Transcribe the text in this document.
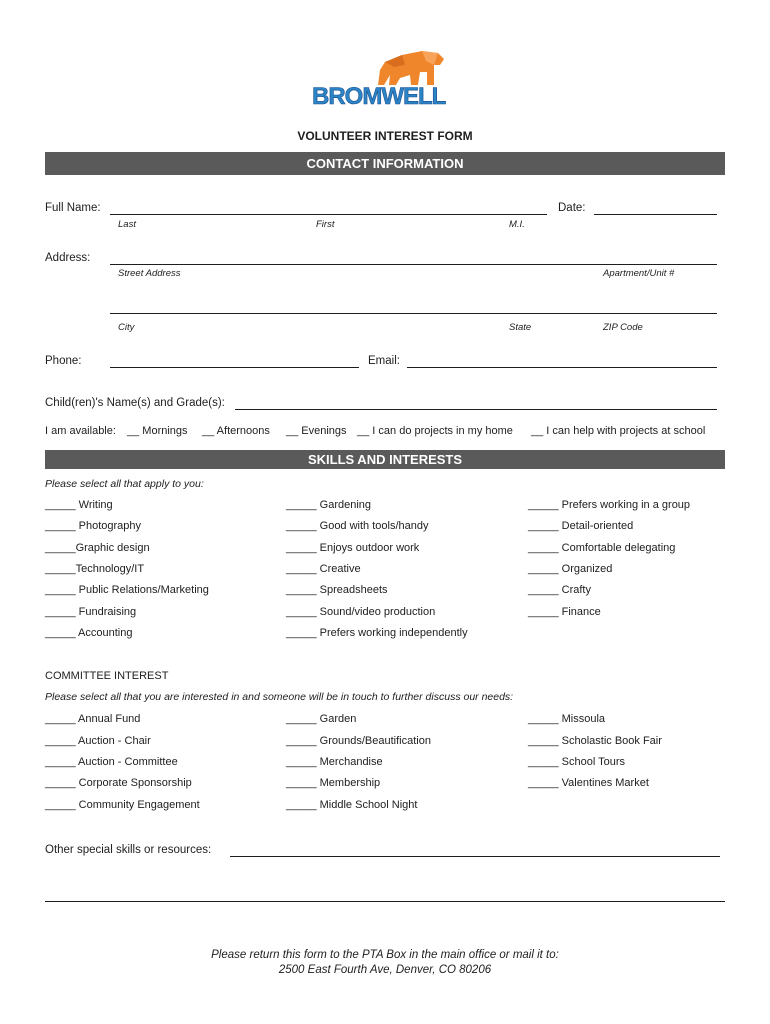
BROMWELL
VOLUNTEER INTEREST FORM
CONTACT INFORMATION
Full Name:	Date:
Last	First	M.I.
Address:
Street Address	Apartment/Unit #
City	State	ZIP Code
Phone:	Email:
Child(ren)'s Name(s) and Grade(s):
I am available: __ Mornings __ Afternoons __ Evenings __ I can do projects in my home __ I can help with projects at school
SKILLS AND INTERESTS
Please select all that apply to you:
_____ Writing
_____ Photography
_____Graphic design
_____Technology/IT
_____ Public Relations/Marketing
_____ Fundraising
_____ Accounting
_____ Gardening
_____ Good with tools/handy
_____ Enjoys outdoor work
_____ Creative
_____ Spreadsheets
_____ Sound/video production
_____ Prefers working independently
_____ Prefers working in a group
_____ Detail-oriented
_____ Comfortable delegating
_____ Organized
_____ Crafty
_____ Finance
COMMITTEE INTEREST
Please select all that you are interested in and someone will be in touch to further discuss our needs:
_____ Annual Fund
_____ Auction - Chair
_____ Auction - Committee
_____ Corporate Sponsorship
_____ Community Engagement
_____ Garden
_____ Grounds/Beautification
_____ Merchandise
_____ Membership
_____ Middle School Night
_____ Missoula
_____ Scholastic Book Fair
_____ School Tours
_____ Valentines Market
Other special skills or resources:
Please return this form to the PTA Box in the main office or mail it to:
2500 East Fourth Ave, Denver, CO 80206
